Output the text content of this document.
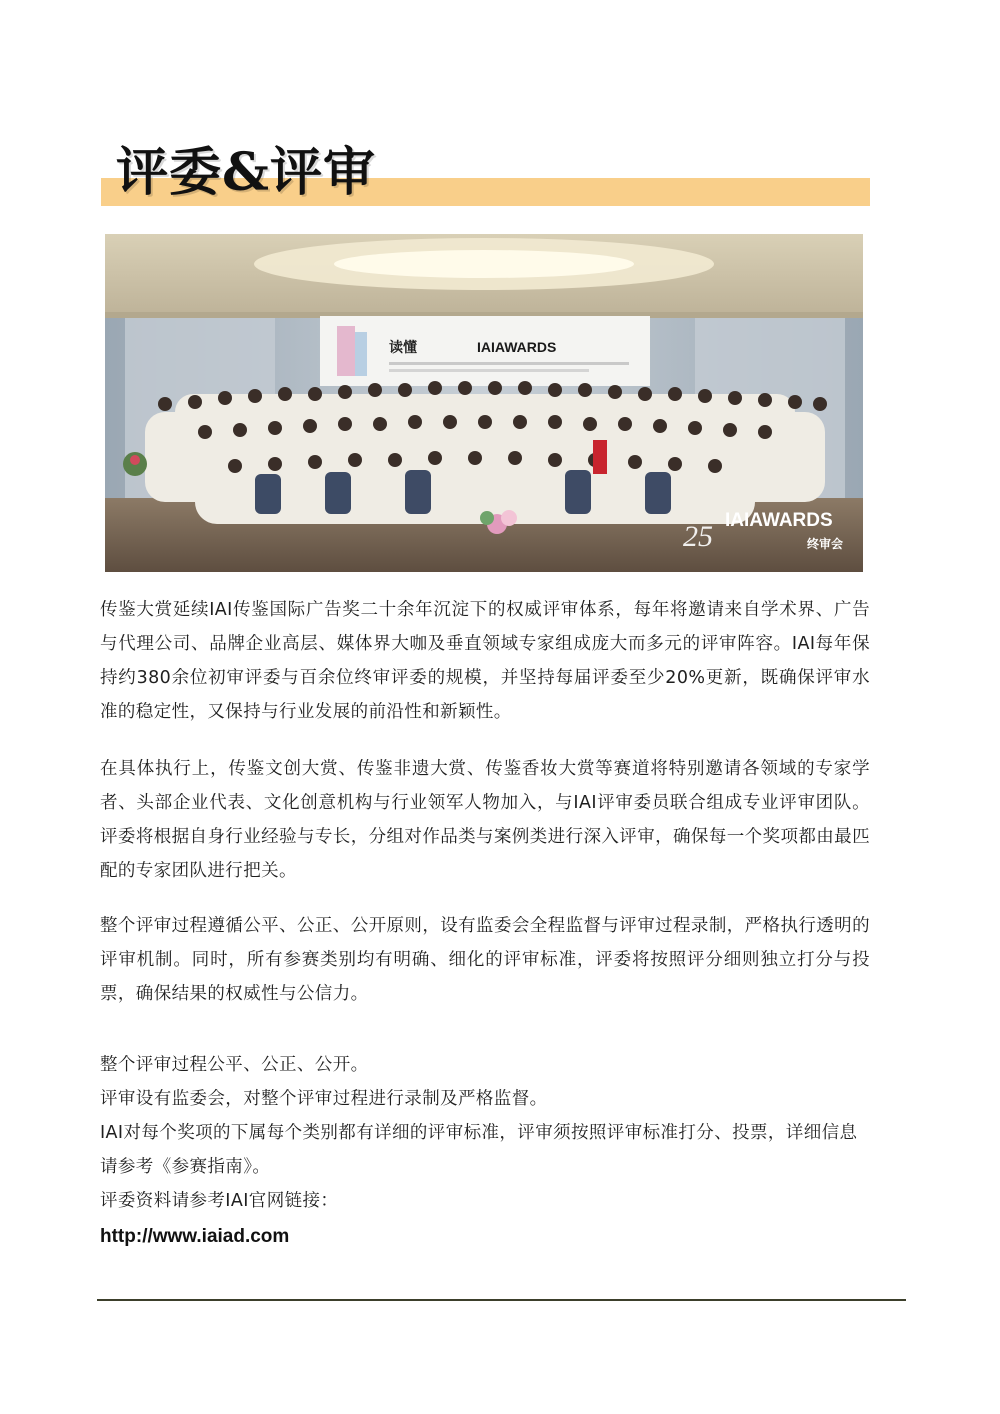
评委&评审
读懂	IAIAWARDS
25 IAIAWARDS
终审会

传鉴大赏延续IAI传鉴国际广告奖二十余年沉淀下的权威评审体系，每年将邀请来自学术界、广告与代理公司、品牌企业高层、媒体界大咖及垂直领域专家组成庞大而多元的评审阵容。IAI每年保持约380余位初审评委与百余位终审评委的规模，并坚持每届评委至少20%更新，既确保评审水准的稳定性，又保持与行业发展的前沿性和新颖性。

在具体执行上，传鉴文创大赏、传鉴非遗大赏、传鉴香妆大赏等赛道将特别邀请各领域的专家学者、头部企业代表、文化创意机构与行业领军人物加入，与IAI评审委员联合组成专业评审团队。评委将根据自身行业经验与专长，分组对作品类与案例类进行深入评审，确保每一个奖项都由最匹配的专家团队进行把关。

整个评审过程遵循公平、公正、公开原则，设有监委会全程监督与评审过程录制，严格执行透明的评审机制。同时，所有参赛类别均有明确、细化的评审标准，评委将按照评分细则独立打分与投票，确保结果的权威性与公信力。

整个评审过程公平、公正、公开。
评审设有监委会，对整个评审过程进行录制及严格监督。
IAI对每个奖项的下属每个类别都有详细的评审标准，评审须按照评审标准打分、投票，详细信息请参考《参赛指南》。
评委资料请参考IAI官网链接：
http://www.iaiad.com
